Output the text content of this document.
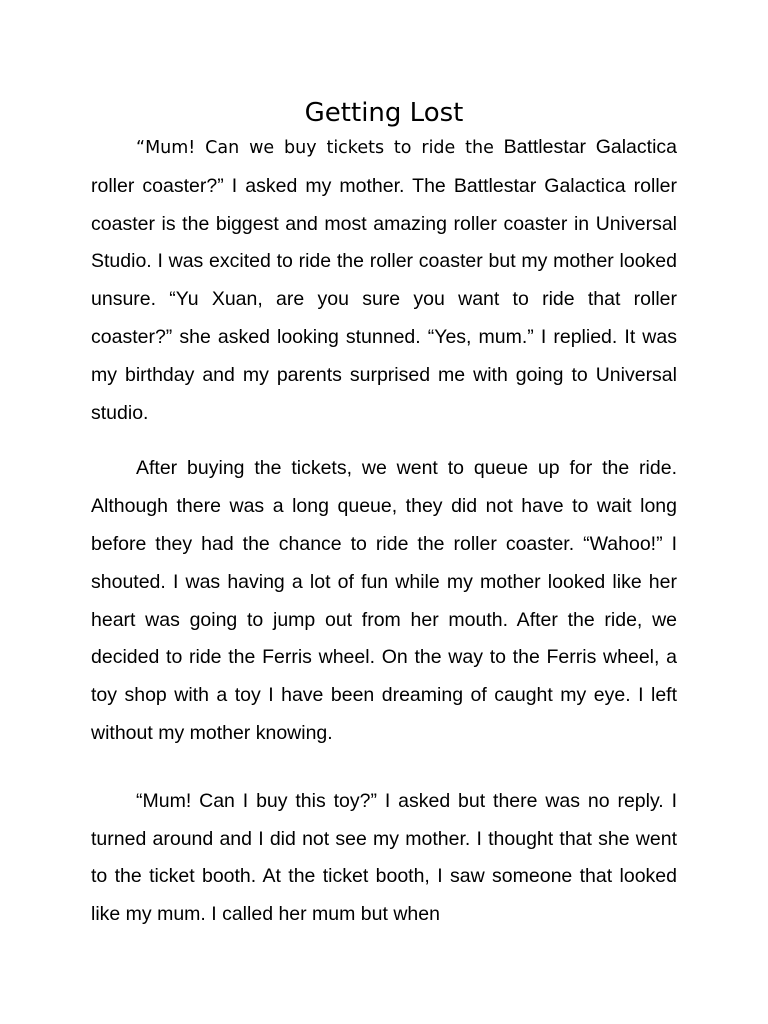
Getting Lost

“Mum! Can we buy tickets to ride the Battlestar Galactica roller coaster?” I asked my mother. The Battlestar Galactica roller coaster is the biggest and most amazing roller coaster in Universal Studio. I was excited to ride the roller coaster but my mother looked unsure. “Yu Xuan, are you sure you want to ride that roller coaster?” she asked looking stunned. “Yes, mum.” I replied. It was my birthday and my parents surprised me with going to Universal studio.

After buying the tickets, we went to queue up for the ride. Although there was a long queue, they did not have to wait long before they had the chance to ride the roller coaster. “Wahoo!” I shouted. I was having a lot of fun while my mother looked like her heart was going to jump out from her mouth. After the ride, we decided to ride the Ferris wheel. On the way to the Ferris wheel, a toy shop with a toy I have been dreaming of caught my eye. I left without my mother knowing.

“Mum! Can I buy this toy?” I asked but there was no reply. I turned around and I did not see my mother. I thought that she went to the ticket booth. At the ticket booth, I saw someone that looked like my mum. I called her mum but when
